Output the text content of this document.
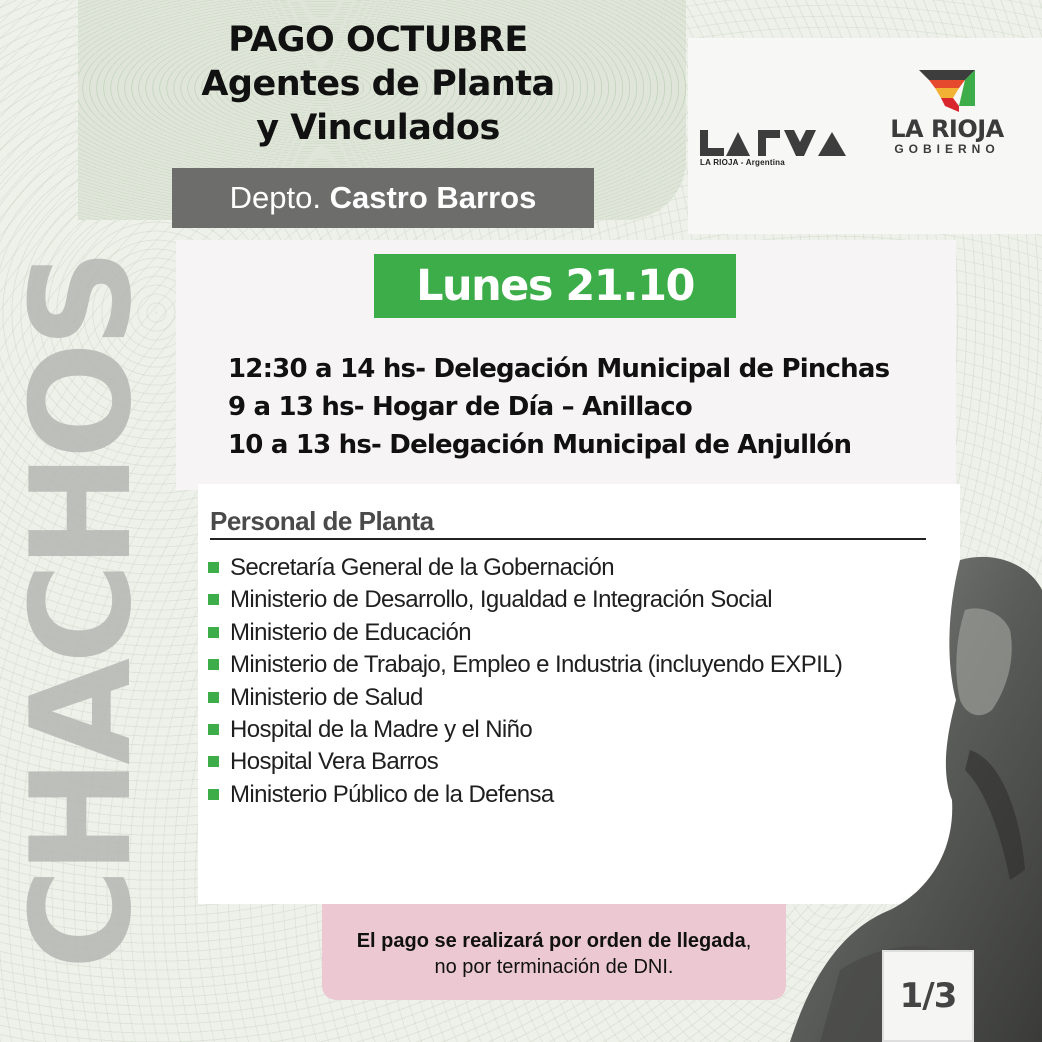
CHACHOS
PAGO OCTUBRE
Agentes de Planta
y Vinculados
Depto. Castro Barros
LA RIOJA - Argentina
LA RIOJA
GOBIERNO
Lunes 21.10
12:30 a 14 hs- Delegación Municipal de Pinchas
9 a 13 hs- Hogar de Día – Anillaco
10 a 13 hs- Delegación Municipal de Anjullón
Personal de Planta
Secretaría General de la Gobernación
Ministerio de Desarrollo, Igualdad e Integración Social
Ministerio de Educación
Ministerio de Trabajo, Empleo e Industria (incluyendo EXPIL)
Ministerio de Salud
Hospital de la Madre y el Niño
Hospital Vera Barros
Ministerio Público de la Defensa
El pago se realizará por orden de llegada,
no por terminación de DNI.
1/3
